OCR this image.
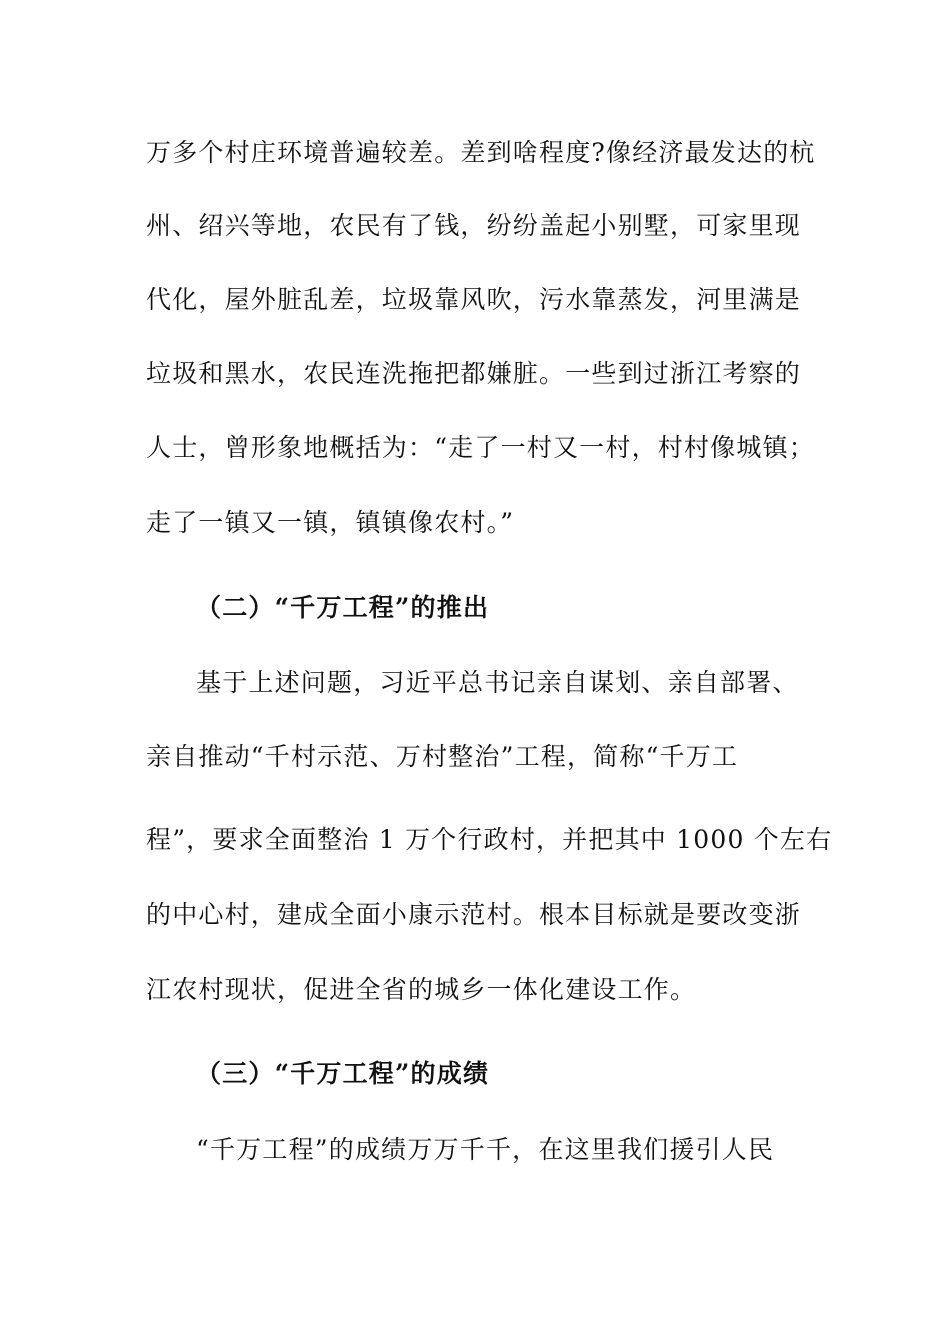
万多个村庄环境普遍较差。差到啥程度?像经济最发达的杭
州、绍兴等地，农民有了钱，纷纷盖起小别墅，可家里现
代化，屋外脏乱差，垃圾靠风吹，污水靠蒸发，河里满是
垃圾和黑水，农民连洗拖把都嫌脏。一些到过浙江考察的
人士，曾形象地概括为：“走了一村又一村，村村像城镇；
走了一镇又一镇，镇镇像农村。”
（二）“千万工程”的推出
基于上述问题，习近平总书记亲自谋划、亲自部署、
亲自推动“千村示范、万村整治”工程，简称“千万工
程”，要求全面整治 1 万个行政村，并把其中 1000 个左右
的中心村，建成全面小康示范村。根本目标就是要改变浙
江农村现状，促进全省的城乡一体化建设工作。
（三）“千万工程”的成绩
“千万工程”的成绩万万千千，在这里我们援引人民
